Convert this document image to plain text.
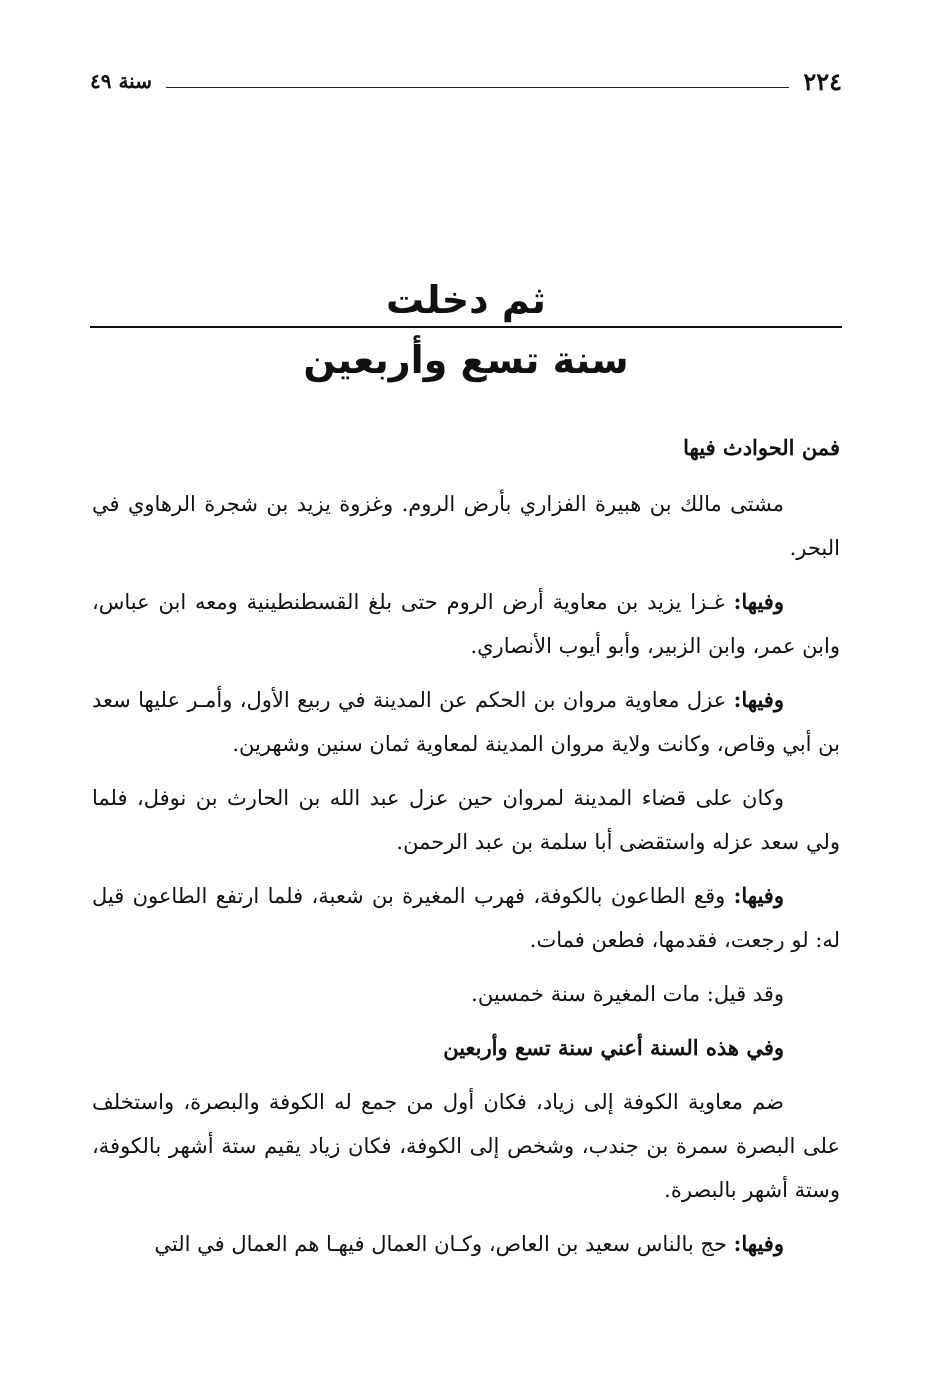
٢٢٤
سنة ٤٩
ثم دخلت
سنة تسع وأربعين

فمن الحوادث فيها

مشتى مالك بن هبيرة الفزاري بأرض الروم. وغزوة يزيد بن شجرة الرهاوي في البحر.

وفيها: غـزا يزيد بن معاوية أرض الروم حتى بلغ القسطنطينية ومعه ابن عباس، وابن عمر، وابن الزبير، وأبو أيوب الأنصاري.

وفيها: عزل معاوية مروان بن الحكم عن المدينة في ربيع الأول، وأمـر عليها سعد بن أبي وقاص، وكانت ولاية مروان المدينة لمعاوية ثمان سنين وشهرين.

وكان على قضاء المدينة لمروان حين عزل عبد الله بن الحارث بن نوفل، فلما ولي سعد عزله واستقضى أبا سلمة بن عبد الرحمن.

وفيها: وقع الطاعون بالكوفة، فهرب المغيرة بن شعبة، فلما ارتفع الطاعون قيل له: لو رجعت، فقدمها، فطعن فمات.

وقد قيل: مات المغيرة سنة خمسين.

وفي هذه السنة أعني سنة تسع وأربعين

ضم معاوية الكوفة إلى زياد، فكان أول من جمع له الكوفة والبصرة، واستخلف على البصرة سمرة بن جندب، وشخص إلى الكوفة، فكان زياد يقيم ستة أشهر بالكوفة، وستة أشهر بالبصرة.

وفيها: حج بالناس سعيد بن العاص، وكـان العمال فيهـا هم العمال في التي
